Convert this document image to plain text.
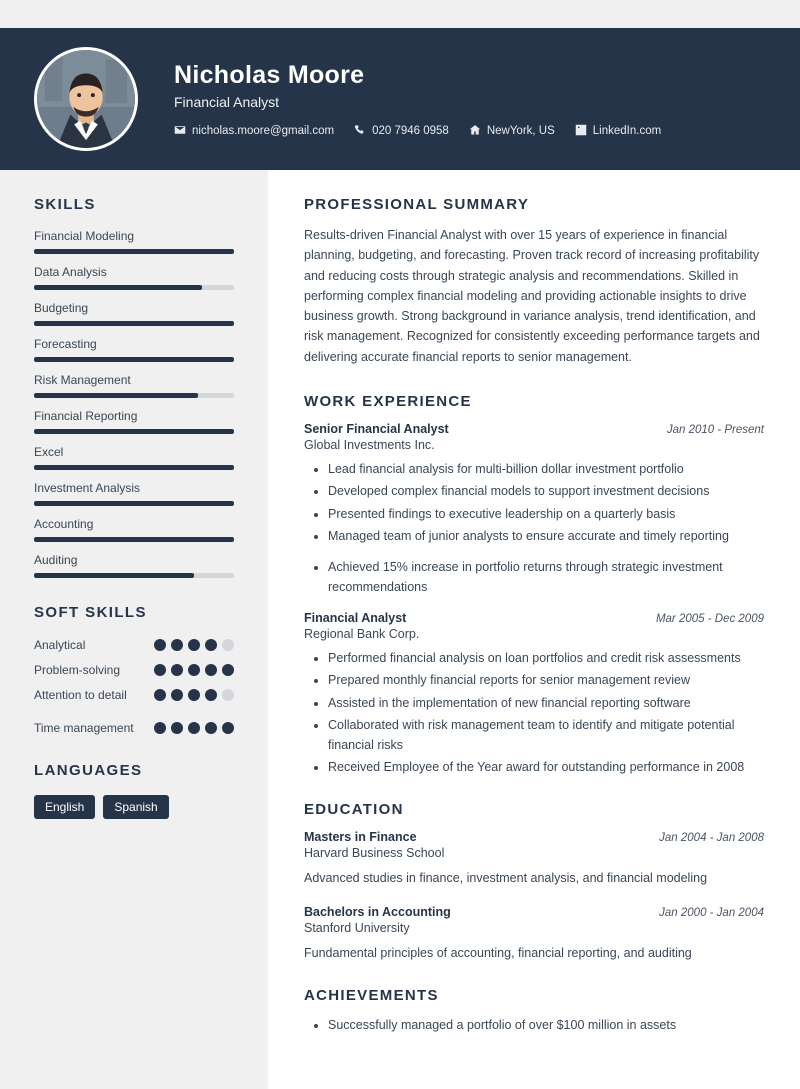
Nicholas Moore
Financial Analyst
nicholas.moore@gmail.com	020 7946 0958	NewYork, US	LinkedIn.com
SKILLS
Financial Modeling
Data Analysis
Budgeting
Forecasting
Risk Management
Financial Reporting
Excel
Investment Analysis
Accounting
Auditing
SOFT SKILLS
Analytical
Problem-solving
Attention to detail
Time management
LANGUAGES
English	Spanish
PROFESSIONAL SUMMARY
Results-driven Financial Analyst with over 15 years of experience in financial planning, budgeting, and forecasting. Proven track record of increasing profitability and reducing costs through strategic analysis and recommendations. Skilled in performing complex financial modeling and providing actionable insights to drive business growth. Strong background in variance analysis, trend identification, and risk management. Recognized for consistently exceeding performance targets and delivering accurate financial reports to senior management.
WORK EXPERIENCE
Senior Financial Analyst	Jan 2010 - Present
Global Investments Inc.
• Lead financial analysis for multi-billion dollar investment portfolio
• Developed complex financial models to support investment decisions
• Presented findings to executive leadership on a quarterly basis
• Managed team of junior analysts to ensure accurate and timely reporting
• Achieved 15% increase in portfolio returns through strategic investment recommendations
Financial Analyst	Mar 2005 - Dec 2009
Regional Bank Corp.
• Performed financial analysis on loan portfolios and credit risk assessments
• Prepared monthly financial reports for senior management review
• Assisted in the implementation of new financial reporting software
• Collaborated with risk management team to identify and mitigate potential financial risks
• Received Employee of the Year award for outstanding performance in 2008
EDUCATION
Masters in Finance	Jan 2004 - Jan 2008
Harvard Business School
Advanced studies in finance, investment analysis, and financial modeling
Bachelors in Accounting	Jan 2000 - Jan 2004
Stanford University
Fundamental principles of accounting, financial reporting, and auditing
ACHIEVEMENTS
• Successfully managed a portfolio of over $100 million in assets
